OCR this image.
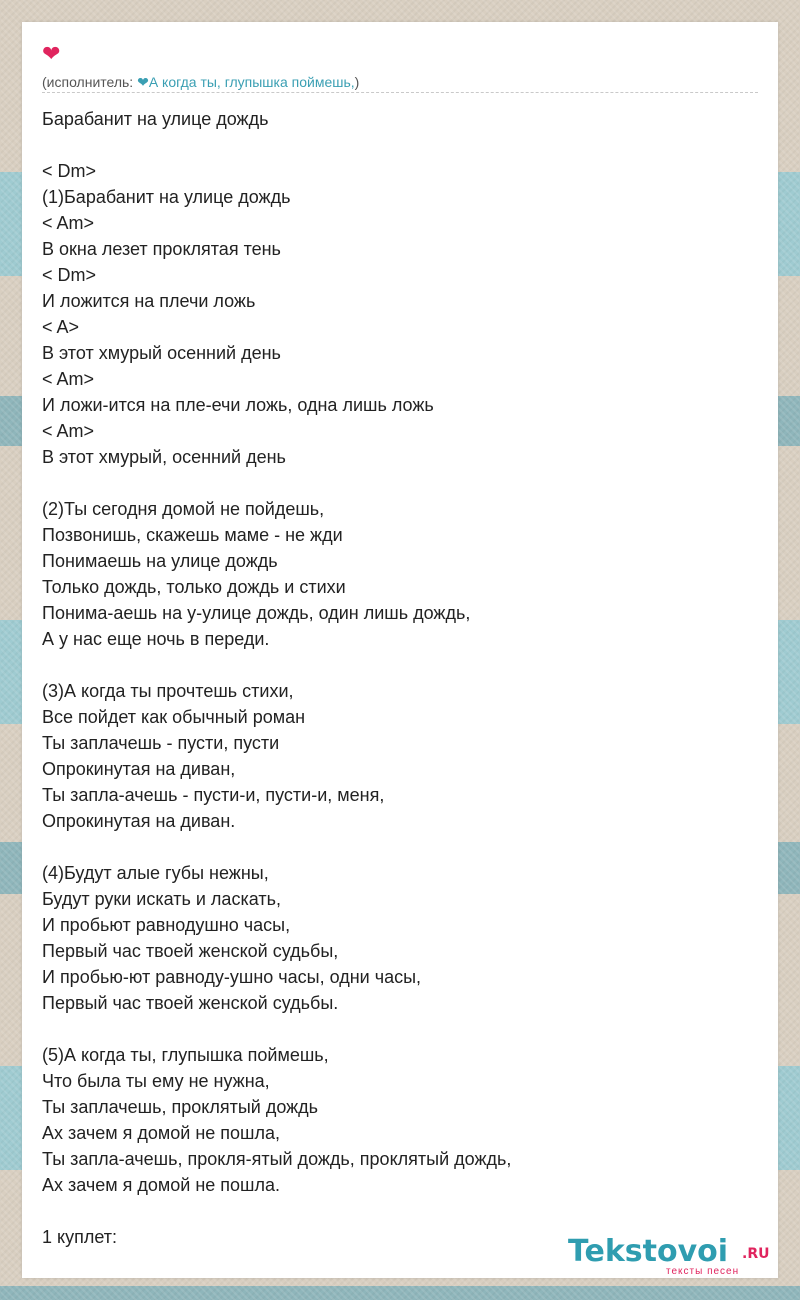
❤
(исполнитель: ❤А когда ты, глупышка поймешь,)
Барабанит на улице дождь
< Dm>
(1)Барабанит на улице дождь
< Am>
В окна лезет проклятая тень
< Dm>
И ложится на плечи ложь
< A>
В этот хмурый осенний день
< Am>
И ложи-ится на пле-ечи ложь, одна лишь ложь
< Am>
В этот хмурый, осенний день
(2)Ты сегодня домой не пойдешь,
Позвонишь, скажешь маме - не жди
Понимаешь на улице дождь
Только дождь, только дождь и стихи
Понима-аешь на у-улице дождь, один лишь дождь,
А у нас еще ночь в переди.
(3)А когда ты прочтешь стихи,
Все пойдет как обычный роман
Ты заплачешь - пусти, пусти
Опрокинутая на диван,
Ты запла-ачешь - пусти-и, пусти-и, меня,
Опрокинутая на диван.
(4)Будут алые губы нежны,
Будут руки искать и ласкать,
И пробьют равнодушно часы,
Первый час твоей женской судьбы,
И пробью-ют равноду-ушно часы, одни часы,
Первый час твоей женской судьбы.
(5)А когда ты, глупышка поймешь,
Что была ты ему не нужна,
Ты заплачешь, проклятый дождь
Ах зачем я домой не пошла,
Ты запла-ачешь, прокля-ятый дождь, проклятый дождь,
Ах зачем я домой не пошла.
1 куплет:	Tekstovoi .RU
тексты песен
